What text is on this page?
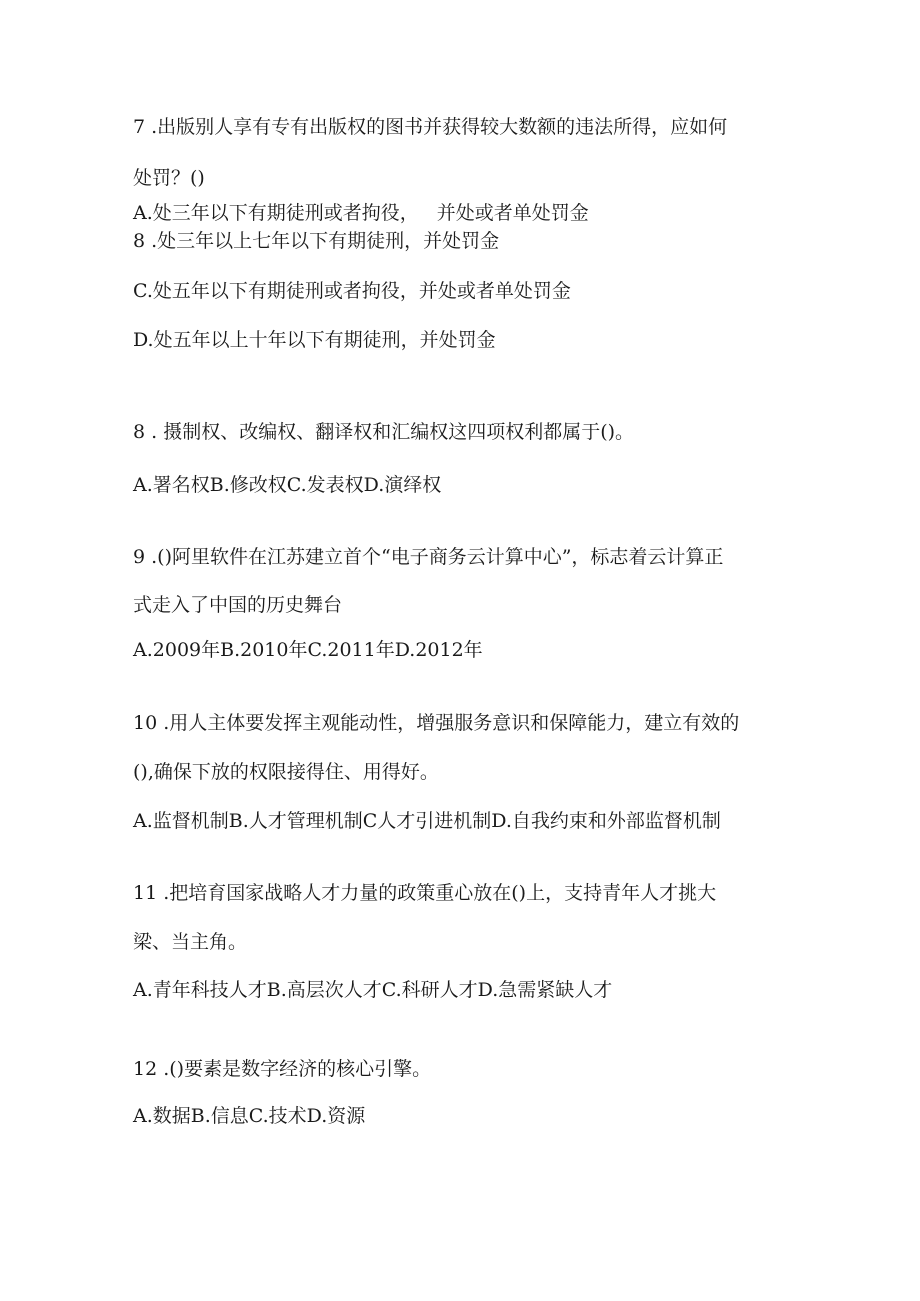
7 .出版别人享有专有出版权的图书并获得较大数额的违法所得，应如何
处罚？()
A.处三年以下有期徒刑或者拘役， 并处或者单处罚金
8 .处三年以上七年以下有期徒刑，并处罚金
C.处五年以下有期徒刑或者拘役，并处或者单处罚金
D.处五年以上十年以下有期徒刑，并处罚金
8 . 摄制权、改编权、翻译权和汇编权这四项权利都属于()。
A.署名权B.修改权C.发表权D.演绎权
9 .()阿里软件在江苏建立首个“电子商务云计算中心”，标志着云计算正
式走入了中国的历史舞台
A.2009年B.2010年C.2011年D.2012年
10 .用人主体要发挥主观能动性，增强服务意识和保障能力，建立有效的
(),确保下放的权限接得住、用得好。
A.监督机制B.人才管理机制C人才引进机制D.自我约束和外部监督机制
11 .把培育国家战略人才力量的政策重心放在()上，支持青年人才挑大
梁、当主角。
A.青年科技人才B.高层次人才C.科研人才D.急需紧缺人才
12 .()要素是数字经济的核心引擎。
A.数据B.信息C.技术D.资源
